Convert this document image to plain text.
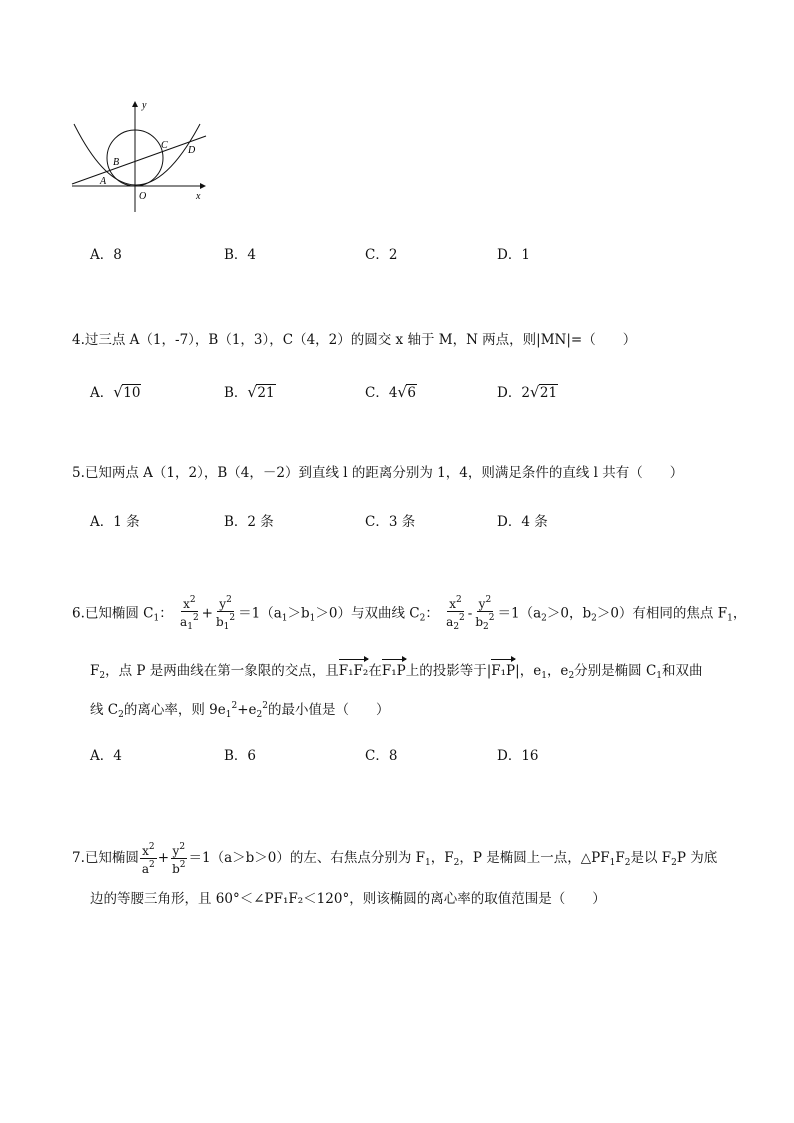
y
x
O
A
B
C D
A．8	B．4	C．2	D．1
4.过三点 A（1，-7），B（1，3），C（4，2）的圆交 x 轴于 M，N 两点，则|MN|=（　　）
A． √ 10	B． √ 21	C．4 √ 6	D．2 √ 21
5.已知两点 A（1，2），B（4，－2）到直线 l 的距离分别为 1，4，则满足条件的直线 l 共有（　　）
A．1 条	B．2 条	C．3 条	D．4 条
6.已知椭圆 $C_1$： $\frac{x^2}{a_1^2} + \frac{y^2}{b_1^2} =1(a_1>b_1>0)$与双曲线 $C_2$： $\frac{x^2}{a_2^2} - \frac{y^2}{b_2^2} =1(a_2>0$，$b_2>0$）有相同的焦点 $F_1$，
$F_2$，点 P 是两曲线在第一象限的交点，且
F₁F₂在
F₁P上的投影等于|
F₁P|，$e_1$，$e_2$分别是椭圆 $C_1$和双曲
线 $C_2$的离心率，则 $9e_1^2+e_2^2$的最小值是（　　）
A．4	B．6	C．8	D．16
7.已知椭圆 $\frac{x^2}{a^2} + \frac{y^2}{b^2} =1(a>b>0)$的左、右焦点分别为 $F_1$，$F_2$，P 是椭圆上一点，$\triangle PF_1F_2$是以 $F_2P$ 为底
边的等腰三角形，且 60°＜∠PF₁F₂＜120°，则该椭圆的离心率的取值范围是（　　）
